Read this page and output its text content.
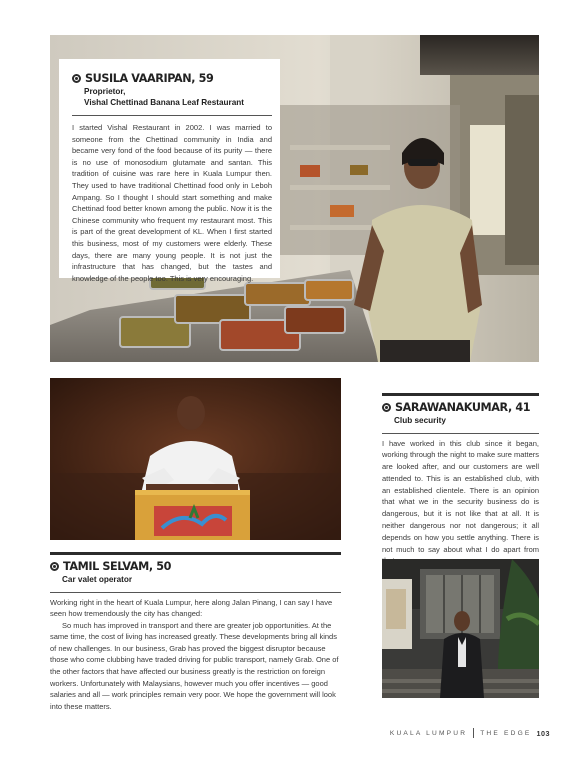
SUSILA VAARIPAN, 59
Proprietor,
Vishal Chettinad Banana Leaf Restaurant

I started Vishal Restaurant in 2002. I was married to someone from the Chettinad community in India and became very fond of the food because of its purity — there is no use of monosodium glutamate and santan. This tradition of cuisine was rare here in Kuala Lumpur then. They used to have traditional Chettinad food only in Leboh Ampang. So I thought I should start something and make Chettinad food better known among the public. Now it is the Chinese community who frequent my restaurant most. This is part of the great development of KL. When I first started this business, most of my customers were elderly. These days, there are many young people. It is not just the infrastructure that has changed, but the tastes and knowledge of the people too. This is very encouraging.

SARAWANAKUMAR, 41
Club security

I have worked in this club since it began, working through the night to make sure matters are looked after, and our customers are well attended to. This is an established club, with an established clientele. There is an opinion that what we in the security business do is dangerous, but it is not like that at all. It is neither dangerous nor not dangerous; it all depends on how you settle anything. There is not much to say about what I do apart from

TAMIL SELVAM, 50
Car valet operator

Working right in the heart of Kuala Lumpur, here along Jalan Pinang, I can say I have seen how tremendously the city has changed:

So much has improved in transport and there are greater job opportunities. At the same time, the cost of living has increased greatly. These developments bring all kinds of new challenges. In our business, Grab has proved the biggest disruptor because those who come clubbing have traded driving for public transport, namely Grab. One of the other factors that have affected our business greatly is the restriction on foreign workers. Unfortunately with Malaysians, however much you offer incentives — good salaries and all — work principles remain very poor. We hope the government will look into these matters.

KUALA LUMPUR THE EDGE 103
